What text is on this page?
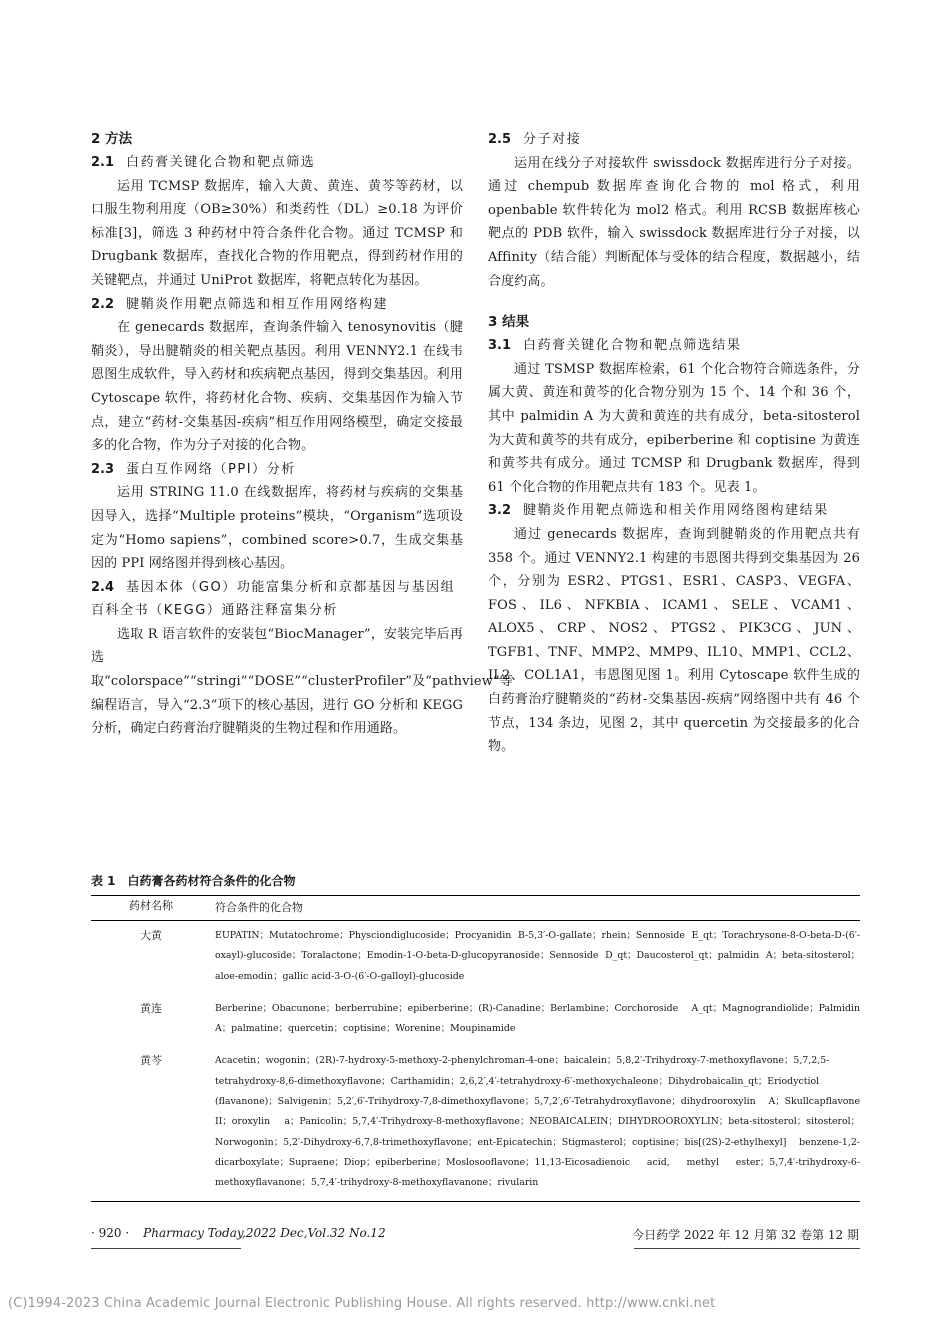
2 方法
2.1 白药膏关键化合物和靶点筛选

运用 TCMSP 数据库，输入大黄、黄连、黄芩等药材，以口服生物利用度（OB≥30%）和类药性（DL）≥0.18 为评价标准[3]，筛选 3 种药材中符合条件化合物。通过 TCMSP 和 Drugbank 数据库，查找化合物的作用靶点，得到药材作用的关键靶点，并通过 UniProt 数据库，将靶点转化为基因。

2.2 腱鞘炎作用靶点筛选和相互作用网络构建

在 genecards 数据库，查询条件输入 tenosynovitis（腱鞘炎），导出腱鞘炎的相关靶点基因。利用 VENNY2.1 在线韦恩图生成软件，导入药材和疾病靶点基因，得到交集基因。利用 Cytoscape 软件，将药材化合物、疾病、交集基因作为输入节点，建立“药材-交集基因-疾病”相互作用网络模型，确定交接最多的化合物，作为分子对接的化合物。

2.3 蛋白互作网络（PPI）分析

运用 STRING 11.0 在线数据库，将药材与疾病的交集基因导入，选择“Multiple proteins”模块，“Organism”选项设定为“Homo sapiens”，combined score>0.7，生成交集基因的 PPI 网络图并得到核心基因。

2.4 基因本体（GO）功能富集分析和京都基因与基因组百科全书（KEGG）通路注释富集分析

选取 R 语言软件的安装包“BiocManager”，安装完毕后再选取“colorspace”“stringi”“DOSE”“clusterProfiler”及“pathview”等编程语言，导入“2.3”项下的核心基因，进行 GO 分析和 KEGG 分析，确定白药膏治疗腱鞘炎的生物过程和作用通路。

2.5 分子对接

运用在线分子对接软件 swissdock 数据库进行分子对接。通过 chempub 数据库查询化合物的 mol 格式，利用 openbable 软件转化为 mol2 格式。利用 RCSB 数据库核心靶点的 PDB 软件，输入 swissdock 数据库进行分子对接，以 Affinity（结合能）判断配体与受体的结合程度，数据越小，结合度约高。

3 结果
3.1 白药膏关键化合物和靶点筛选结果

通过 TSMSP 数据库检索，61 个化合物符合筛选条件，分属大黄、黄连和黄芩的化合物分别为 15 个、14 个和 36 个，其中 palmidin A 为大黄和黄连的共有成分，beta-sitosterol 为大黄和黄芩的共有成分，epiberberine 和 coptisine 为黄连和黄芩共有成分。通过 TCMSP 和 Drugbank 数据库，得到 61 个化合物的作用靶点共有 183 个。见表 1。

3.2 腱鞘炎作用靶点筛选和相关作用网络图构建结果

通过 genecards 数据库，查询到腱鞘炎的作用靶点共有 358 个。通过 VENNY2.1 构建的韦恩图共得到交集基因为 26 个，分别为 ESR2、PTGS1、ESR1、CASP3、VEGFA、FOS、IL6、NFKBIA、ICAM1、SELE、VCAM1、ALOX5、CRP、NOS2、PTGS2、PIK3CG、JUN、TGFB1、TNF、MMP2、MMP9、IL10、MMP1、CCL2、IL2、COL1A1，韦恩图见图 1。利用 Cytoscape 软件生成的白药膏治疗腱鞘炎的“药材-交集基因-疾病”网络图中共有 46 个节点，134 条边，见图 2，其中 quercetin 为交接最多的化合物。

表 1 白药膏各药材符合条件的化合物
药材名称	符合条件的化合物
大黄	EUPATIN；Mutatochrome；Physciondiglucoside；Procyanidin B-5,3′-O-gallate；rhein；Sennoside E_qt；Torachrysone-8-O-beta-D-(6′-oxayl)-glucoside；Toralactone；Emodin-1-O-beta-D-glucopyranoside；Sennoside D_qt；Daucosterol_qt；palmidin A；beta-sitosterol；aloe-emodin；gallic acid-3-O-(6′-O-galloyl)-glucoside
黄连	Berberine；Obacunone；berberrubine；epiberberine；(R)-Canadine；Berlambine；Corchoroside A_qt；Magnograndiolide；Palmidin A；palmatine；quercetin；coptisine；Worenine；Moupinamide
黄芩	Acacetin；wogonin；(2R)-7-hydroxy-5-methoxy-2-phenylchroman-4-one；baicalein；5,8,2′-Trihydroxy-7-methoxyflavone；5,7,2,5-tetrahydroxy-8,6-dimethoxyflavone；Carthamidin；2,6,2′,4′-tetrahydroxy-6′-methoxychaleone；Dihydrobaicalin_qt；Eriodyctiol (flavanone)；Salvigenin；5,2′,6′-Trihydroxy-7,8-dimethoxyflavone；5,7,2′,6′-Tetrahydroxyflavone；dihydrooroxylin A；Skullcapflavone II；oroxylin a；Panicolin；5,7,4′-Trihydroxy-8-methoxyflavone；NEOBAICALEIN；DIHYDROOROXYLIN；beta-sitosterol；sitosterol；Norwogonin；5,2′-Dihydroxy-6,7,8-trimethoxyflavone；ent-Epicatechin；Stigmasterol；coptisine；bis[(2S)-2-ethylhexyl] benzene-1,2-dicarboxylate；Supraene；Diop；epiberberine；Moslosooflavone；11,13-Eicosadienoic acid, methyl ester；5,7,4′-trihydroxy-6-methoxyflavanone；5,7,4′-trihydroxy-8-methoxyflavanone；rivularin
· 920 · Pharmacy Today,2022 Dec,Vol.32 No.12	今日药学 2022 年 12 月第 32 卷第 12 期
(C)1994-2023 China Academic Journal Electronic Publishing House. All rights reserved. http://www.cnki.net
